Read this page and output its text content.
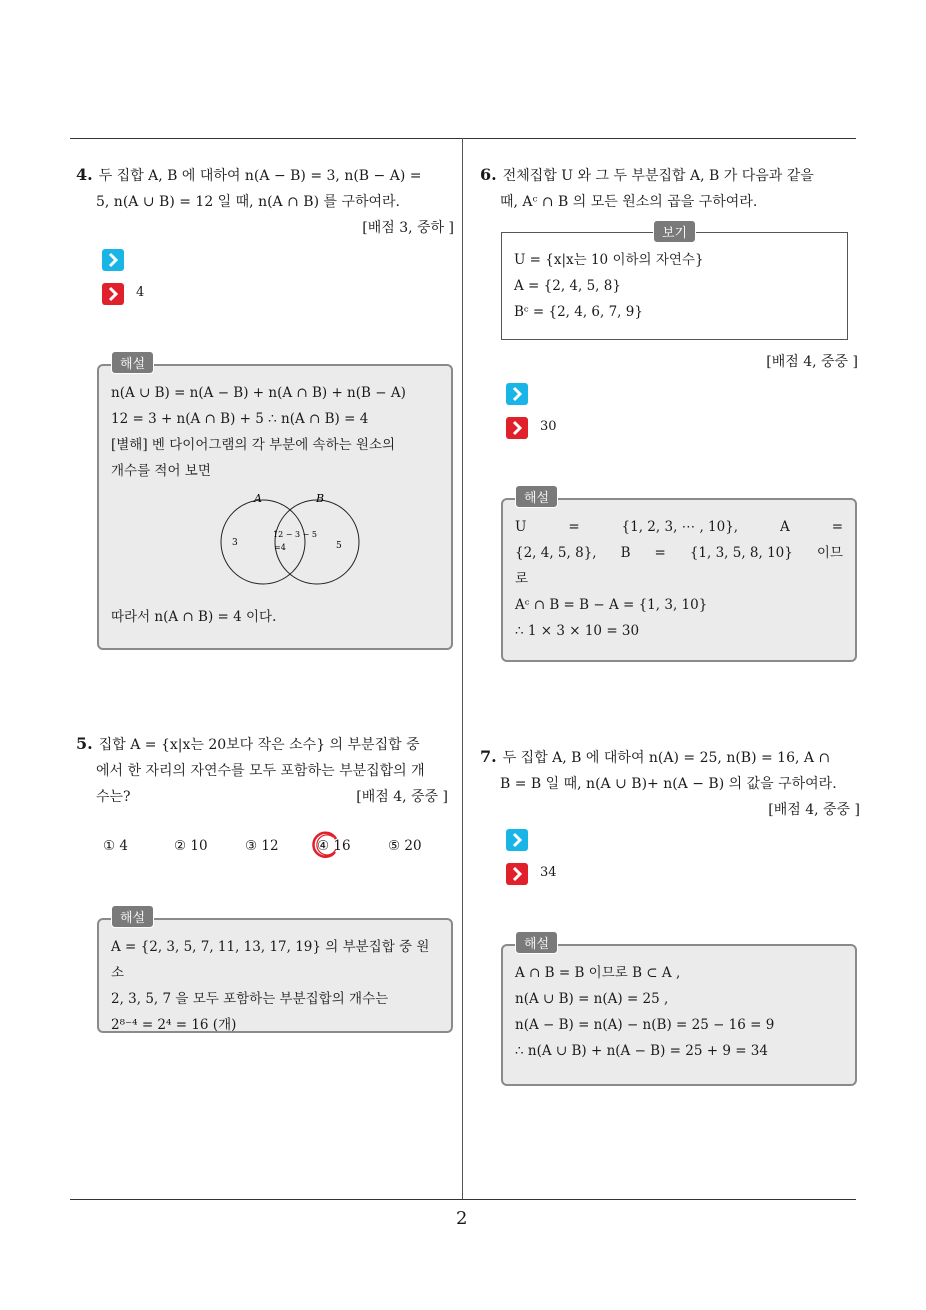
4. 두 집합 A, B 에 대하여 n(A − B) = 3, n(B − A) =
5, n(A ∪ B) = 12 일 때, n(A ∩ B) 를 구하여라.
[배점 3, 중하 ]
4
n(A ∪ B) = n(A − B) + n(A ∩ B) + n(B − A)
12 = 3 + n(A ∩ B) + 5 ∴ n(A ∩ B) = 4
[별해] 벤 다이어그램의 각 부분에 속하는 원소의
개수를 적어 보면
A	B
3
12 − 3 − 5
=4	5
따라서 n(A ∩ B) = 4 이다.
해설
5. 집합 A = {x|x는 20보다 작은 소수} 의 부분집합 중
에서 한 자리의 자연수를 모두 포함하는 부분집합의 개
수는?	[배점 4, 중중 ]
① 4	② 10	③ 12	④ 16	⑤ 20
A = {2, 3, 5, 7, 11, 13, 17, 19} 의 부분집합 중 원소
2, 3, 5, 7 을 모두 포함하는 부분집합의 개수는
2⁸⁻⁴ = 2⁴ = 16 (개)
해설
6. 전체집합 U 와 그 두 부분집합 A, B 가 다음과 같을
때, Aᶜ ∩ B 의 모든 원소의 곱을 구하여라.
U = {x|x는 10 이하의 자연수}
A = {2, 4, 5, 8}
Bᶜ = {2, 4, 6, 7, 9}
보기
[배점 4, 중중 ]
30
U	=	{1, 2, 3, ⋯ , 10},	A	=
{2, 4, 5, 8}, B = {1, 3, 5, 8, 10} 이므
로
Aᶜ ∩ B = B − A = {1, 3, 10}
∴ 1 × 3 × 10 = 30
해설
7. 두 집합 A, B 에 대하여 n(A) = 25, n(B) = 16, A ∩
B = B 일 때, n(A ∪ B)+ n(A − B) 의 값을 구하여라.
[배점 4, 중중 ]
34
A ∩ B = B 이므로 B ⊂ A ,
n(A ∪ B) = n(A) = 25 ,
n(A − B) = n(A) − n(B) = 25 − 16 = 9
∴ n(A ∪ B) + n(A − B) = 25 + 9 = 34
해설
2
